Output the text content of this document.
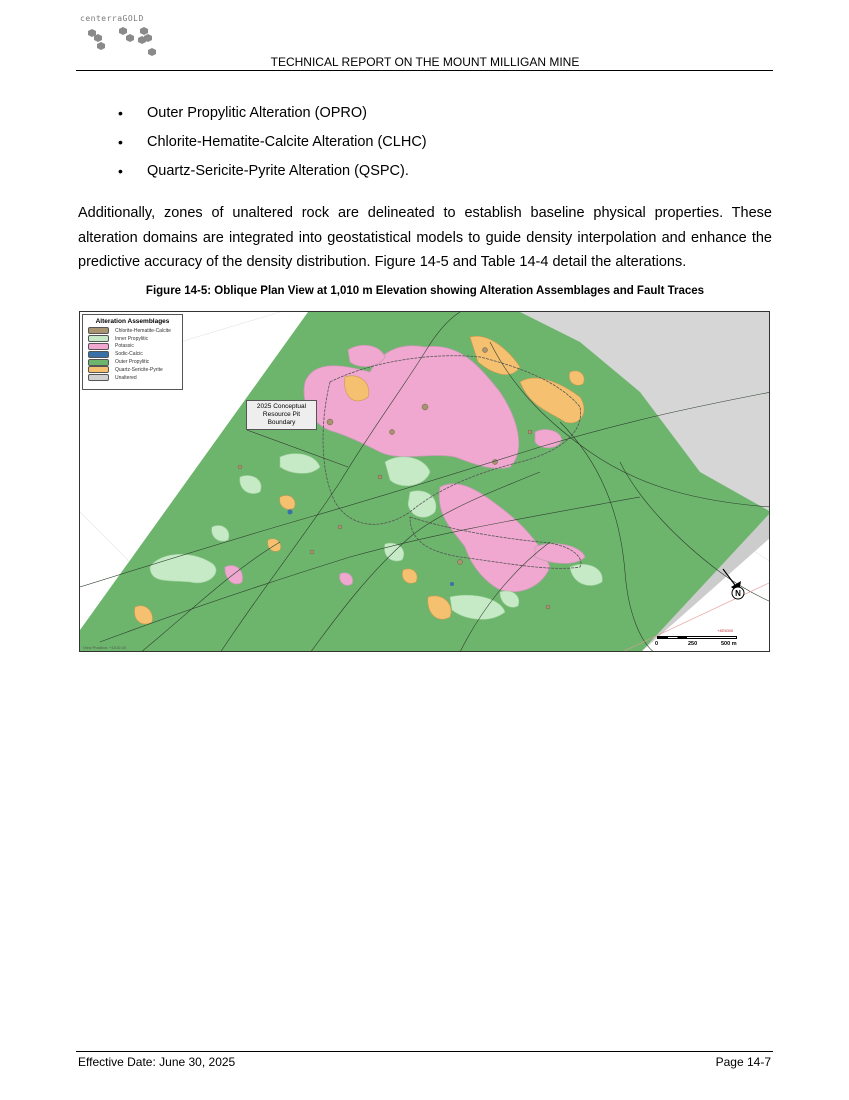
centerraGOLD
TECHNICAL REPORT ON THE MOUNT MILLIGAN MINE
• Outer Propylitic Alteration (OPRO)
• Chlorite-Hematite-Calcite Alteration (CLHC)
• Quartz-Sericite-Pyrite Alteration (QSPC).

Additionally, zones of unaltered rock are delineated to establish baseline physical properties. These alteration domains are integrated into geostatistical models to guide density interpolation and enhance the predictive accuracy of the density distribution. Figure 14-5 and Table 14-4 detail the alterations.

Figure 14-5: Oblique Plan View at 1,010 m Elevation showing Alteration Assemblages and Fault Traces
Alteration Assemblages
Chlorite-Hematite-Calcite
Inner Propylitic
Potassic
Sodic-Calcic
Outer Propylitic
Quartz-Sericite-Pyrite
Unaltered
2025 Conceptual
Resource Pit
Boundary
View Position: +1010.00
+4E5000
N
0	250	500 m
Effective Date: June 30, 2025	Page 14-7
